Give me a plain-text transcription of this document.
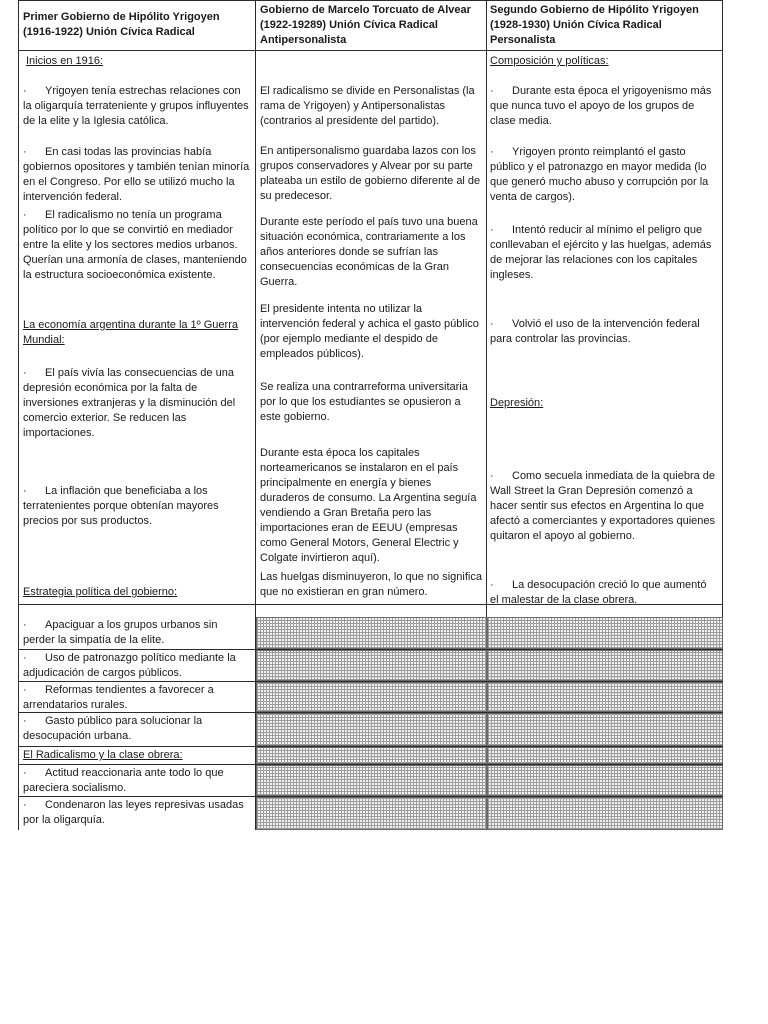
Primer Gobierno de Hipólito Yrigoyen (1916-1922) Unión Cívica Radical
Gobierno de Marcelo Torcuato de Alvear (1922-19289) Unión Cívica Radical Antipersonalista
Segundo Gobierno de Hipólito Yrigoyen (1928-1930) Unión Cívica Radical Personalista
Inicios en 1916:
· Yrigoyen tenía estrechas relaciones con la oligarquía terrateniente y grupos influyentes de la elite y la Iglesia católica.
· En casi todas las provincias había gobiernos opositores y también tenían minoría en el Congreso. Por ello se utilizó mucho la intervención federal.
· El radicalismo no tenía un programa político por lo que se convirtió en mediador entre la elite y los sectores medios urbanos. Querían una armonía de clases, manteniendo la estructura socioeconómica existente.
La economía argentina durante la 1º Guerra Mundial:
· El país vivía las consecuencias de una depresión económica por la falta de inversiones extranjeras y la disminución del comercio exterior. Se reducen las importaciones.
· La inflación que beneficiaba a los terratenientes porque obtenían mayores precios por sus productos.
Estrategia política del gobierno:
· Apaciguar a los grupos urbanos sin perder la simpatía de la elite.
· Uso de patronazgo político mediante la adjudicación de cargos públicos.
· Reformas tendientes a favorecer a arrendatarios rurales.
· Gasto público para solucionar la desocupación urbana.
El Radicalismo y la clase obrera:
· Actitud reaccionaria ante todo lo que pareciera socialismo.
· Condenaron las leyes represivas usadas por la oligarquía.
El radicalismo se divide en Personalistas (la rama de Yrigoyen) y Antipersonalistas (contrarios al presidente del partido).
En antipersonalismo guardaba lazos con los grupos conservadores y Alvear por su parte plateaba un estilo de gobierno diferente al de su predecesor.
Durante este período el país tuvo una buena situación económica, contrariamente a los años anteriores donde se sufrían las consecuencias económicas de la Gran Guerra.
El presidente intenta no utilizar la intervención federal y achica el gasto público (por ejemplo mediante el despido de empleados públicos).
Se realiza una contrarreforma universitaria por lo que los estudiantes se opusieron a este gobierno.
Durante esta época los capitales norteamericanos se instalaron en el país principalmente en energía y bienes duraderos de consumo. La Argentina seguía vendiendo a Gran Bretaña pero las importaciones eran de EEUU (empresas como General Motors, General Electric y Colgate invirtieron aquí).
Las huelgas disminuyeron, lo que no significa que no existieran en gran número.
Composición y políticas:
· Durante esta época el yrigoyenismo más que nunca tuvo el apoyo de los grupos de clase media.
· Yrigoyen pronto reimplantó el gasto público y el patronazgo en mayor medida (lo que generó mucho abuso y corrupción por la venta de cargos).
· Intentó reducir al mínimo el peligro que conllevaban el ejército y las huelgas, además de mejorar las relaciones con los capitales ingleses.
· Volvió el uso de la intervención federal para controlar las provincias.
Depresión:
· Como secuela inmediata de la quiebra de Wall Street la Gran Depresión comenzó a hacer sentir sus efectos en Argentina lo que afectó a comerciantes y exportadores quienes quitaron el apoyo al gobierno.
· La desocupación creció lo que aumentó el malestar de la clase obrera.
